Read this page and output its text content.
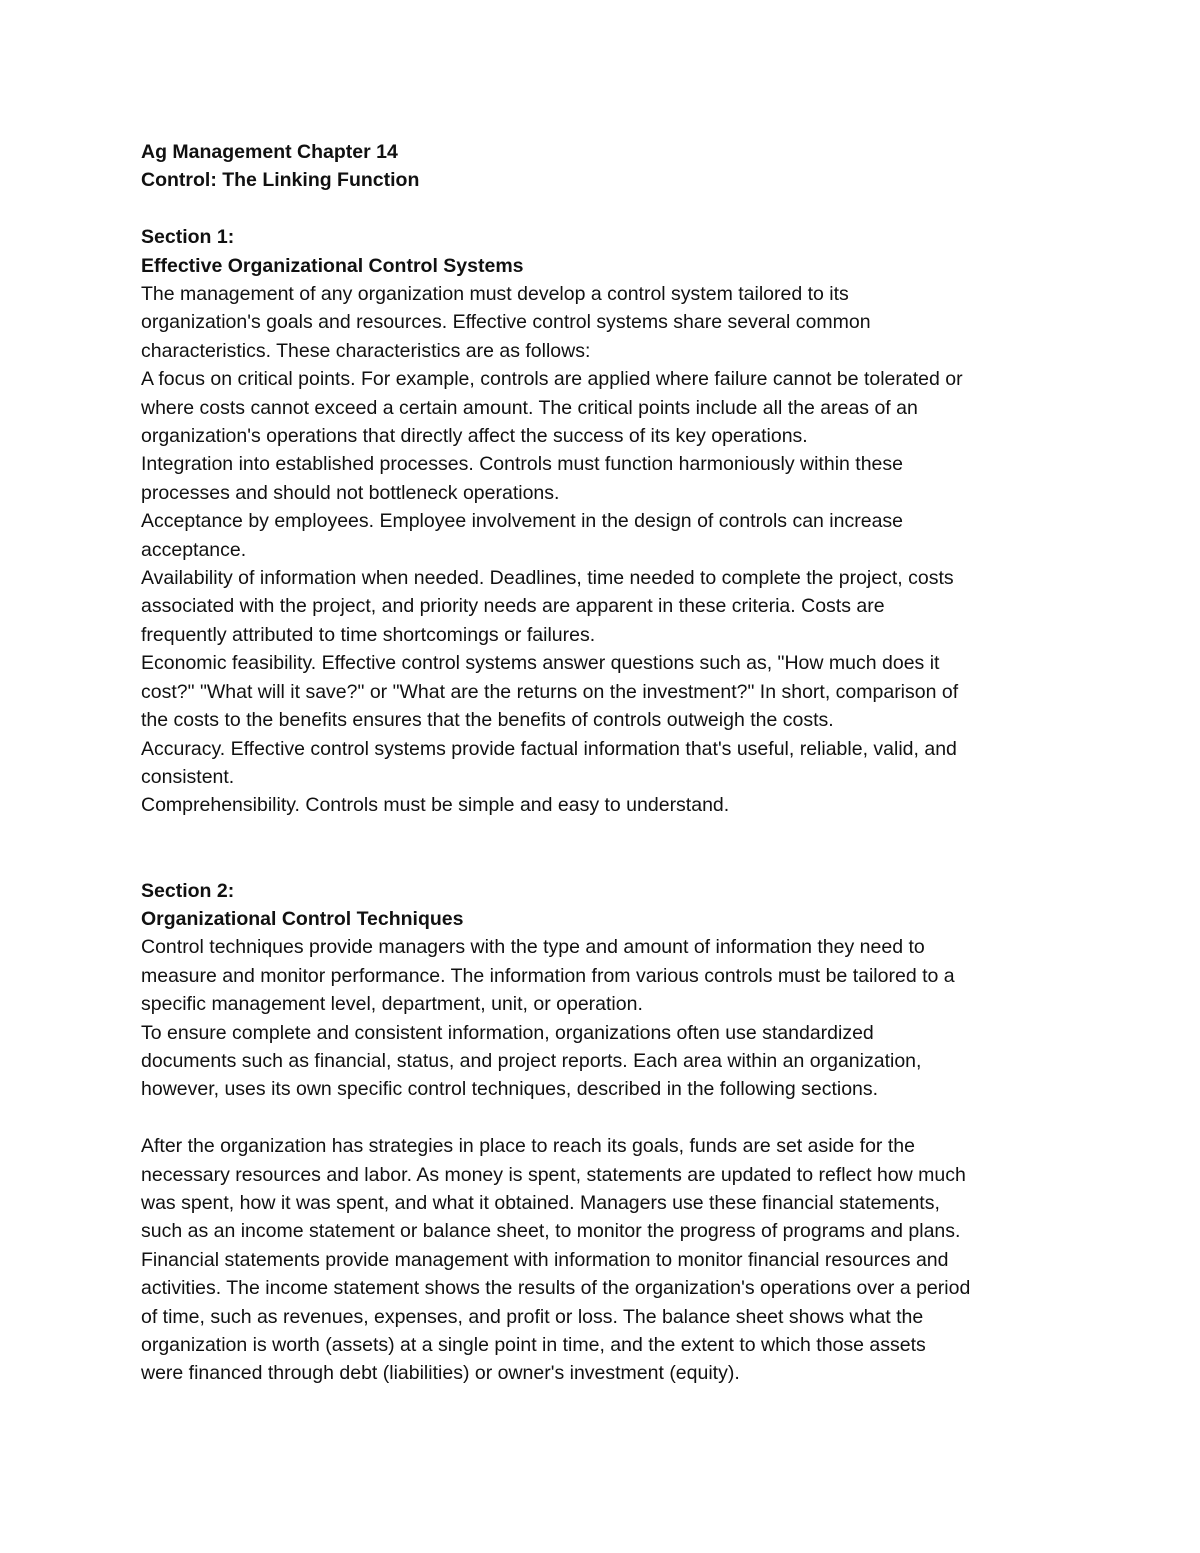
Ag Management Chapter 14

Control: The Linking Function

Section 1:

Effective Organizational Control Systems

The management of any organization must develop a control system tailored to its

organization's goals and resources. Effective control systems share several common

characteristics. These characteristics are as follows:

A focus on critical points. For example, controls are applied where failure cannot be tolerated or

where costs cannot exceed a certain amount. The critical points include all the areas of an

organization's operations that directly affect the success of its key operations.

Integration into established processes. Controls must function harmoniously within these

processes and should not bottleneck operations.

Acceptance by employees. Employee involvement in the design of controls can increase

acceptance.

Availability of information when needed. Deadlines, time needed to complete the project, costs

associated with the project, and priority needs are apparent in these criteria. Costs are

frequently attributed to time shortcomings or failures.

Economic feasibility. Effective control systems answer questions such as, "How much does it

cost?" "What will it save?" or "What are the returns on the investment?" In short, comparison of

the costs to the benefits ensures that the benefits of controls outweigh the costs.

Accuracy. Effective control systems provide factual information that's useful, reliable, valid, and

consistent.

Comprehensibility. Controls must be simple and easy to understand.

Section 2:

Organizational Control Techniques

Control techniques provide managers with the type and amount of information they need to

measure and monitor performance. The information from various controls must be tailored to a

specific management level, department, unit, or operation.

To ensure complete and consistent information, organizations often use standardized

documents such as financial, status, and project reports. Each area within an organization,

however, uses its own specific control techniques, described in the following sections.

After the organization has strategies in place to reach its goals, funds are set aside for the

necessary resources and labor. As money is spent, statements are updated to reflect how much

was spent, how it was spent, and what it obtained. Managers use these financial statements,

such as an income statement or balance sheet, to monitor the progress of programs and plans.

Financial statements provide management with information to monitor financial resources and

activities. The income statement shows the results of the organization's operations over a period

of time, such as revenues, expenses, and profit or loss. The balance sheet shows what the

organization is worth (assets) at a single point in time, and the extent to which those assets

were financed through debt (liabilities) or owner's investment (equity).
